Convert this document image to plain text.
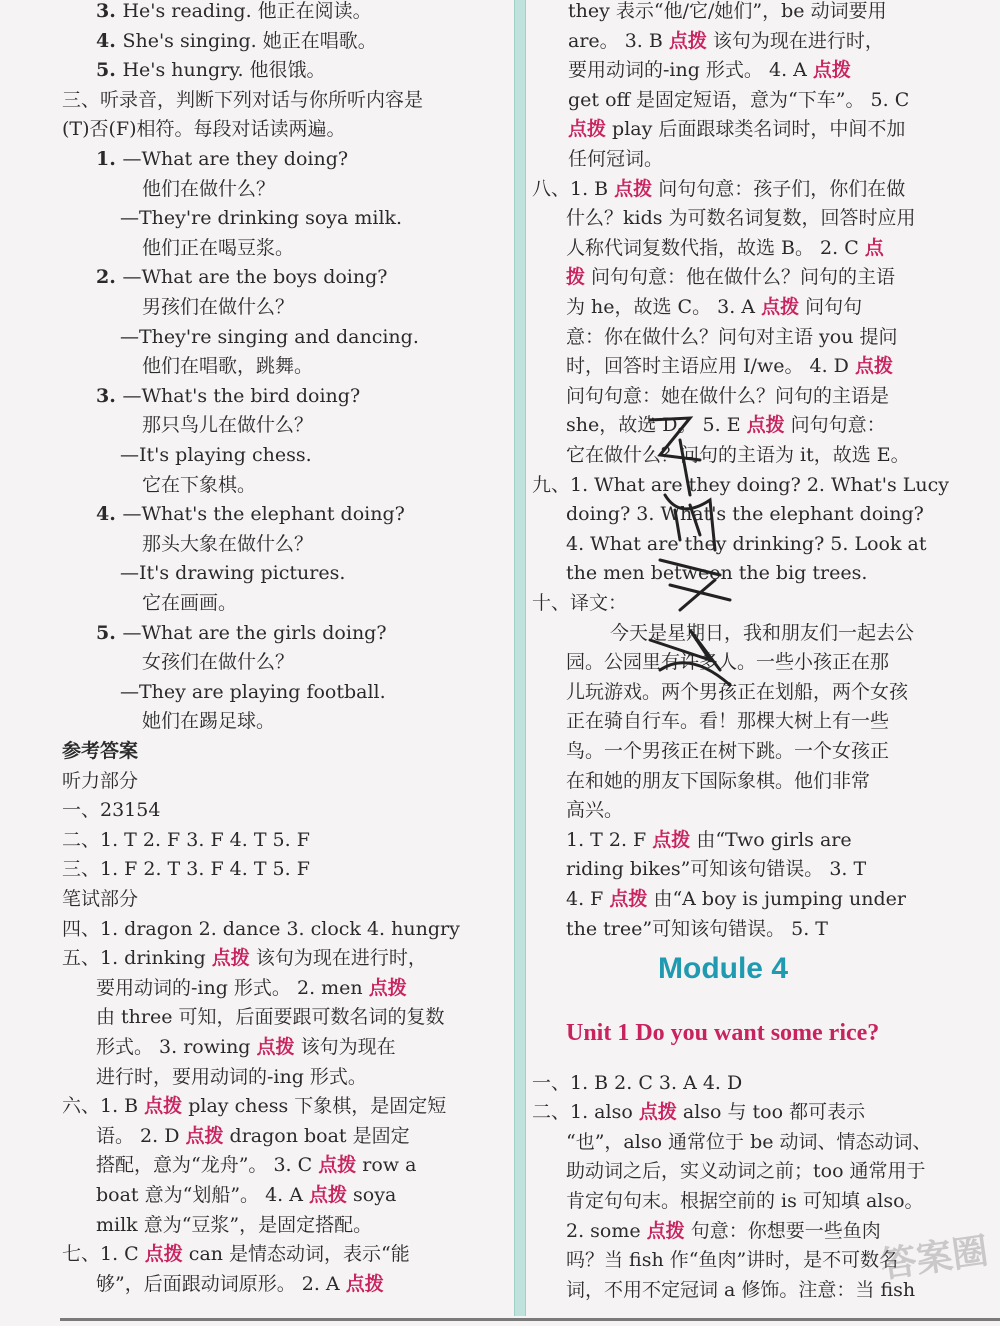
3. He's reading. 他正在阅读。
4. She's singing. 她正在唱歌。
5. He's hungry. 他很饿。
三、听录音，判断下列对话与你所听内容是
(T)否(F)相符。每段对话读两遍。
1. —What are they doing?
他们在做什么？
—They're drinking soya milk.
他们正在喝豆浆。
2. —What are the boys doing?
男孩们在做什么？
—They're singing and dancing.
他们在唱歌，跳舞。
3. —What's the bird doing?
那只鸟儿在做什么？
—It's playing chess.
它在下象棋。
4. —What's the elephant doing?
那头大象在做什么？
—It's drawing pictures.
它在画画。
5. —What are the girls doing?
女孩们在做什么？
—They are playing football.
她们在踢足球。
参考答案
听力部分
一、23154
二、1. T 2. F 3. F 4. T 5. F
三、1. F 2. T 3. F 4. T 5. F
笔试部分
四、1. dragon 2. dance 3. clock 4. hungry
五、1. drinking 点拨 该句为现在进行时，
要用动词的-ing 形式。 2. men 点拨
由 three 可知，后面要跟可数名词的复数
形式。 3. rowing 点拨 该句为现在
进行时，要用动词的-ing 形式。
六、1. B 点拨 play chess 下象棋，是固定短
语。 2. D 点拨 dragon boat 是固定
搭配，意为“龙舟”。 3. C 点拨 row a
boat 意为“划船”。 4. A 点拨 soya
milk 意为“豆浆”，是固定搭配。
七、1. C 点拨 can 是情态动词，表示“能
够”，后面跟动词原形。 2. A 点拨
they 表示“他/它/她们”，be 动词要用
are。 3. B 点拨 该句为现在进行时，
要用动词的-ing 形式。 4. A 点拨
get off 是固定短语，意为“下车”。 5. C
点拨 play 后面跟球类名词时，中间不加
任何冠词。
八、1. B 点拨 问句句意：孩子们，你们在做
什么？kids 为可数名词复数，回答时应用
人称代词复数代指，故选 B。 2. C 点
拨 问句句意：他在做什么？问句的主语
为 he，故选 C。 3. A 点拨 问句句
意：你在做什么？问句对主语 you 提问
时，回答时主语应用 I/we。 4. D 点拨
问句句意：她在做什么？问句的主语是
she，故选 D。 5. E 点拨 问句句意：
它在做什么？问句的主语为 it，故选 E。
九、1. What are they doing? 2. What's Lucy
doing? 3. What's the elephant doing?
4. What are they drinking? 5. Look at
the men between the big trees.
十、译文：
今天是星期日，我和朋友们一起去公
园。公园里有许多人。一些小孩正在那
儿玩游戏。两个男孩正在划船，两个女孩
正在骑自行车。看！那棵大树上有一些
鸟。一个男孩正在树下跳。一个女孩正
在和她的朋友下国际象棋。他们非常
高兴。
1. T 2. F 点拨 由“Two girls are
riding bikes”可知该句错误。 3. T
4. F 点拨 由“A boy is jumping under
the tree”可知该句错误。 5. T
一、1. B 2. C 3. A 4. D
二、1. also 点拨 also 与 too 都可表示
“也”，also 通常位于 be 动词、情态动词、
助动词之后，实义动词之前；too 通常用于
肯定句句末。根据空前的 is 可知填 also。
2. some 点拨 句意：你想要一些鱼肉
吗？当 fish 作“鱼肉”讲时，是不可数名
词，不用不定冠词 a 修饰。注意：当 fish
Module 4
Unit 1 Do you want some rice?
答案圈
